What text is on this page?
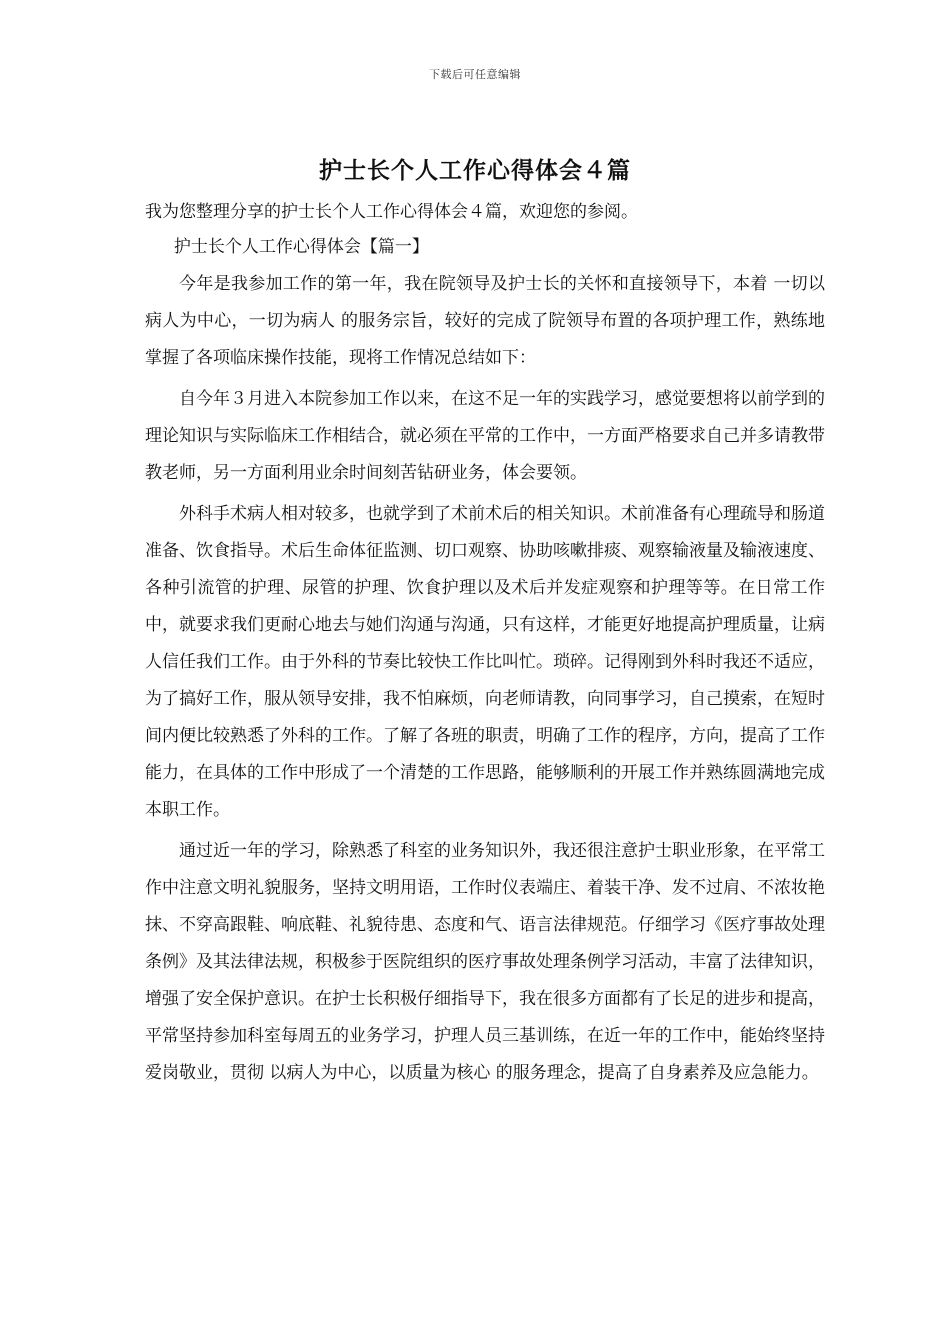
下载后可任意编辑
护士长个人工作心得体会４篇

我为您整理分享的护士长个人工作心得体会４篇，欢迎您的参阅。

护士长个人工作心得体会【篇一】

今年是我参加工作的第一年，我在院领导及护士长的关怀和直接领导下，本着 一切以病人为中心，一切为病人 的服务宗旨，较好的完成了院领导布置的各项护理工作，熟练地掌握了各项临床操作技能，现将工作情况总结如下：

自今年３月进入本院参加工作以来，在这不足一年的实践学习，感觉要想将以前学到的理论知识与实际临床工作相结合，就必须在平常的工作中，一方面严格要求自己并多请教带教老师，另一方面利用业余时间刻苦钻研业务，体会要领。

外科手术病人相对较多，也就学到了术前术后的相关知识。术前准备有心理疏导和肠道准备、饮食指导。术后生命体征监测、切口观察、协助咳嗽排痰、观察输液量及输液速度、各种引流管的护理、尿管的护理、饮食护理以及术后并发症观察和护理等等。在日常工作中，就要求我们更耐心地去与她们沟通与沟通，只有这样，才能更好地提高护理质量，让病人信任我们工作。由于外科的节奏比较快工作比叫忙。琐碎。记得刚到外科时我还不适应，为了搞好工作，服从领导安排，我不怕麻烦，向老师请教，向同事学习，自己摸索，在短时间内便比较熟悉了外科的工作。了解了各班的职责，明确了工作的程序，方向，提高了工作能力，在具体的工作中形成了一个清楚的工作思路，能够顺利的开展工作并熟练圆满地完成本职工作。

通过近一年的学习，除熟悉了科室的业务知识外，我还很注意护士职业形象，在平常工作中注意文明礼貌服务，坚持文明用语，工作时仪表端庄、着装干净、发不过肩、不浓妆艳抹、不穿高跟鞋、响底鞋、礼貌待患、态度和气、语言法律规范。仔细学习《医疗事故处理条例》及其法律法规，积极参于医院组织的医疗事故处理条例学习活动，丰富了法律知识，增强了安全保护意识。在护士长积极仔细指导下，我在很多方面都有了长足的进步和提高，平常坚持参加科室每周五的业务学习，护理人员三基训练，在近一年的工作中，能始终坚持爱岗敬业，贯彻 以病人为中心，以质量为核心 的服务理念，提高了自身素养及应急能力。
